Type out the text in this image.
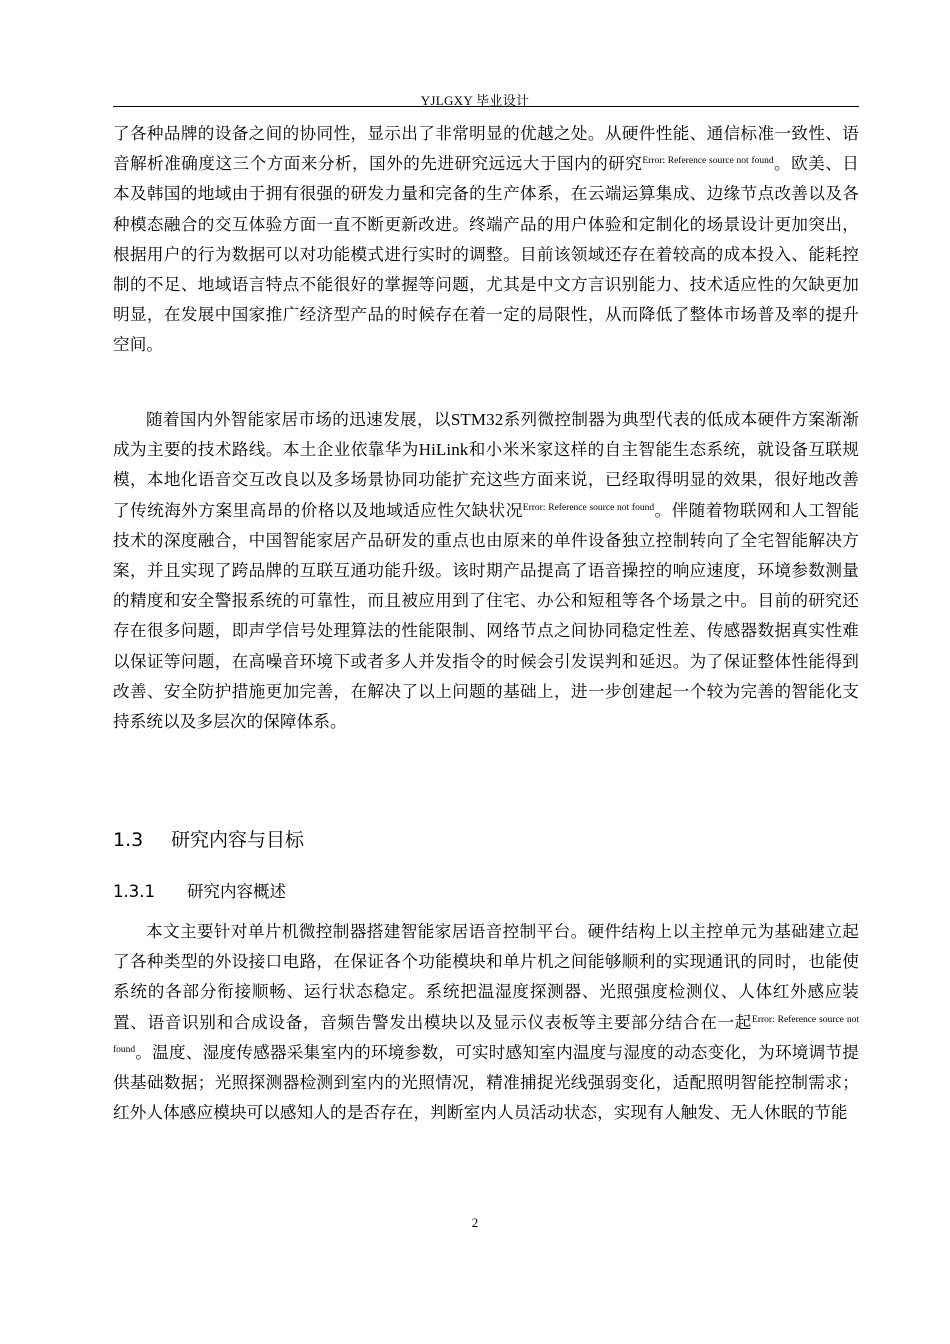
YJLGXY 毕业设计

了各种品牌的设备之间的协同性，显示出了非常明显的优越之处。从硬件性能、通信标准一致性、语音解析准确度这三个方面来分析，国外的先进研究远远大于国内的研究$^{Error: Reference source not found}$。欧美、日本及韩国的地域由于拥有很强的研发力量和完备的生产体系，在云端运算集成、边缘节点改善以及各种模态融合的交互体验方面一直不断更新改进。终端产品的用户体验和定制化的场景设计更加突出，根据用户的行为数据可以对功能模式进行实时的调整。目前该领域还存在着较高的成本投入、能耗控制的不足、地域语言特点不能很好的掌握等问题，尤其是中文方言识别能力、技术适应性的欠缺更加明显，在发展中国家推广经济型产品的时候存在着一定的局限性，从而降低了整体市场普及率的提升空间。

随着国内外智能家居市场的迅速发展，以STM32系列微控制器为典型代表的低成本硬件方案渐渐成为主要的技术路线。本土企业依靠华为HiLink和小米米家这样的自主智能生态系统，就设备互联规模，本地化语音交互改良以及多场景协同功能扩充这些方面来说，已经取得明显的效果，很好地改善了传统海外方案里高昂的价格以及地域适应性欠缺状况$^{Error: Reference source not found}$。伴随着物联网和人工智能技术的深度融合，中国智能家居产品研发的重点也由原来的单件设备独立控制转向了全宅智能解决方案，并且实现了跨品牌的互联互通功能升级。该时期产品提高了语音操控的响应速度，环境参数测量的精度和安全警报系统的可靠性，而且被应用到了住宅、办公和短租等各个场景之中。目前的研究还存在很多问题，即声学信号处理算法的性能限制、网络节点之间协同稳定性差、传感器数据真实性难以保证等问题，在高噪音环境下或者多人并发指令的时候会引发误判和延迟。为了保证整体性能得到改善、安全防护措施更加完善，在解决了以上问题的基础上，进一步创建起一个较为完善的智能化支持系统以及多层次的保障体系。

1.3 研究内容与目标
1.3.1 研究内容概述

本文主要针对单片机微控制器搭建智能家居语音控制平台。硬件结构上以主控单元为基础建立起了各种类型的外设接口电路，在保证各个功能模块和单片机之间能够顺利的实现通讯的同时，也能使系统的各部分衔接顺畅、运行状态稳定。系统把温湿度探测器、光照强度检测仪、人体红外感应装置、语音识别和合成设备，音频告警发出模块以及显示仪表板等主要部分结合在一起$^{Error: Reference source not found}$。温度、湿度传感器采集室内的环境参数，可实时感知室内温度与湿度的动态变化，为环境调节提供基础数据；光照探测器检测到室内的光照情况，精准捕捉光线强弱变化，适配照明智能控制需求；红外人体感应模块可以感知人的是否存在，判断室内人员活动状态，实现有人触发、无人休眠的节能

2
